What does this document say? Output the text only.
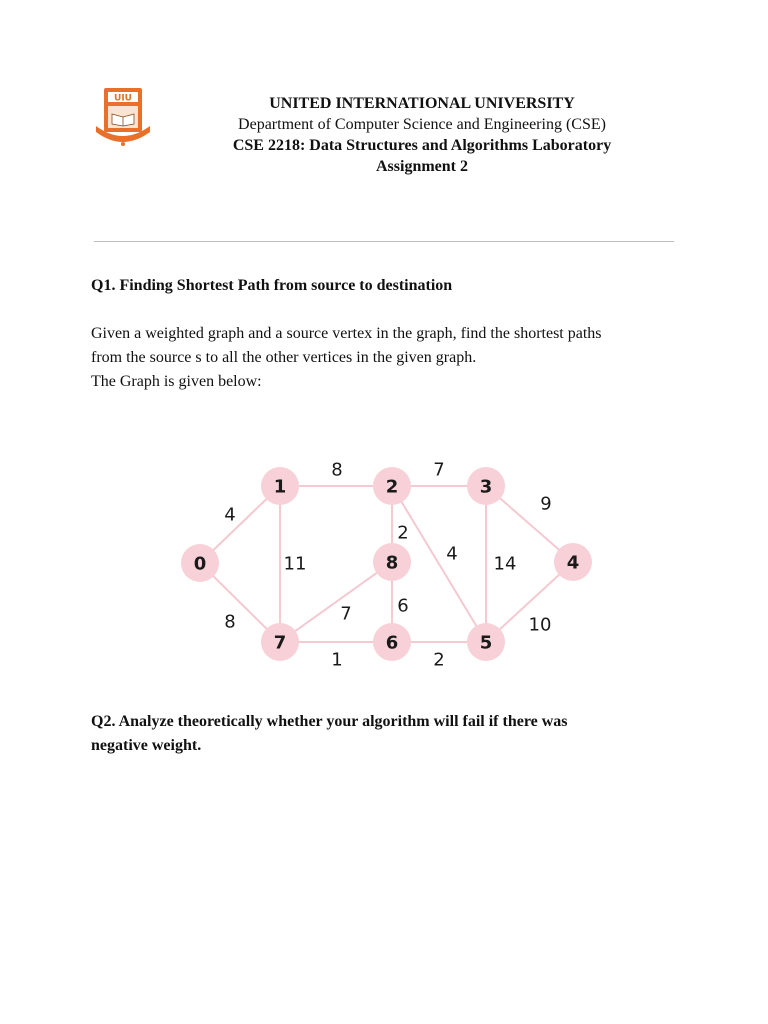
UIU	UNITED INTERNATIONAL UNIVERSITY
Department of Computer Science and Engineering (CSE)
CSE 2218: Data Structures and Algorithms Laboratory
Assignment 2
Q1. Finding Shortest Path from source to destination
Given a weighted graph and a source vertex in the graph, find the shortest paths
from the source s to all the other vertices in the given graph.
The Graph is given below:
4
8
8
11
7
2
4
9
14
10
2
1
6
7
0
1	2	3
4
5
6
7
8
Q2. Analyze theoretically whether your algorithm will fail if there was
negative weight.
